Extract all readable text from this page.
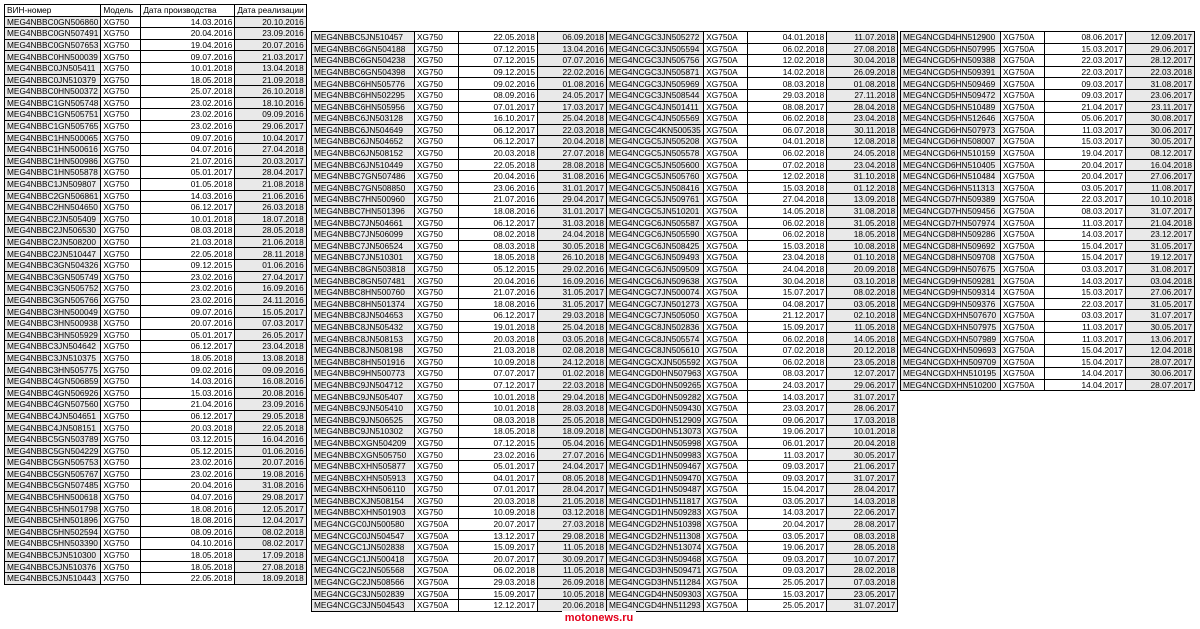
ВИН-номер	Модель	Дата производства	Дата реализации
MEG4NBBC0GN506860	XG750	14.03.2016	20.10.2016
MEG4NBBC0GN507491	XG750	20.04.2016	23.09.2016
MEG4NBBC0GN507653	XG750	19.04.2016	20.07.2016
MEG4NBBC0HN500039	XG750	09.07.2016	21.03.2017
MEG4NBBC0JN505411	XG750	10.01.2018	13.04.2018
MEG4NBBC0JN510379	XG750	18.05.2018	21.09.2018
MEG4NBBC0HN500372	XG750	25.07.2018	26.10.2018
MEG4NBBC1GN505748	XG750	23.02.2016	18.10.2016
MEG4NBBC1GN505751	XG750	23.02.2016	09.09.2016
MEG4NBBC1GN505765	XG750	23.02.2016	29.06.2017
MEG4NBBC1HN500065	XG750	09.07.2016	10.04.2017
MEG4NBBC1HN500616	XG750	04.07.2016	27.04.2018
MEG4NBBC1HN500986	XG750	21.07.2016	20.03.2017
MEG4NBBC1HN505878	XG750	05.01.2017	28.04.2017
MEG4NBBC1JN509807	XG750	01.05.2018	21.08.2018
MEG4NBBC2GN506861	XG750	14.03.2016	21.06.2016
MEG4NBBC2HN504650	XG750	06.12.2017	26.03.2018
MEG4NBBC2JN505409	XG750	10.01.2018	18.07.2018
MEG4NBBC2JN506530	XG750	08.03.2018	28.05.2018
MEG4NBBC2JN508200	XG750	21.03.2018	21.06.2018
MEG4NBBC2JN510447	XG750	22.05.2018	28.11.2018
MEG4NBBC3GN504326	XG750	09.12.2015	01.06.2016
MEG4NBBC3GN505749	XG750	23.02.2016	27.04.2017
MEG4NBBC3GN505752	XG750	23.02.2016	16.09.2016
MEG4NBBC3GN505766	XG750	23.02.2016	24.11.2016
MEG4NBBC3HN500049	XG750	09.07.2016	15.05.2017
MEG4NBBC3HN500938	XG750	20.07.2016	07.03.2017
MEG4NBBC3HN505929	XG750	05.01.2017	26.05.2017
MEG4NBBC3JN504642	XG750	06.12.2017	23.04.2018
MEG4NBBC3JN510375	XG750	18.05.2018	13.08.2018
MEG4NBBC3HN505775	XG750	09.02.2016	09.09.2016
MEG4NBBC4GN506859	XG750	14.03.2016	16.08.2016
MEG4NBBC4GN506926	XG750	15.03.2016	20.08.2016
MEG4NBBC4GN507560	XG750	21.04.2016	23.09.2016
MEG4NBBC4JN504651	XG750	06.12.2017	29.05.2018
MEG4NBBC4JN508151	XG750	20.03.2018	22.05.2018
MEG4NBBC5GN503789	XG750	03.12.2015	16.04.2016
MEG4NBBC5GN504229	XG750	05.12.2015	01.06.2016
MEG4NBBC5GN505753	XG750	23.02.2016	20.07.2016
MEG4NBBC5GN505767	XG750	23.02.2016	19.08.2016
MEG4NBBC5GN507485	XG750	20.04.2016	31.08.2016
MEG4NBBC5HN500618	XG750	04.07.2016	29.08.2017
MEG4NBBC5HN501798	XG750	18.08.2016	12.05.2017
MEG4NBBC5HN501896	XG750	18.08.2016	12.04.2017
MEG4NBBC5HN502594	XG750	08.09.2016	08.02.2018
MEG4NBBC5HN503390	XG750	04.10.2016	08.02.2017
MEG4NBBC5JN510300	XG750	18.05.2018	17.09.2018
MEG4NBBC5JN510376	XG750	18.05.2018	27.08.2018
MEG4NBBC5JN510443	XG750	22.05.2018	18.09.2018
MEG4NBBC5JN510457	XG750	22.05.2018	06.09.2018
MEG4NBBC6GN504188	XG750	07.12.2015	13.04.2016
MEG4NBBC6GN504238	XG750	07.12.2015	07.07.2016
MEG4NBBC6GN504398	XG750	09.12.2015	22.02.2016
MEG4NBBC6HN505776	XG750	09.02.2016	01.08.2016
MEG4NBBC6HN502295	XG750	08.09.2016	24.05.2017
MEG4NBBC6HN505956	XG750	07.01.2017	17.03.2017
MEG4NBBC6JN503128	XG750	16.10.2017	25.04.2018
MEG4NBBC6JN504649	XG750	06.12.2017	22.03.2018
MEG4NBBC6JN504652	XG750	06.12.2017	20.04.2018
MEG4NBBC6JN508152	XG750	20.03.2018	27.07.2018
MEG4NBBC6JN510449	XG750	22.05.2018	28.08.2018
MEG4NBBC7GN507486	XG750	20.04.2016	31.08.2016
MEG4NBBC7GN508850	XG750	23.06.2016	31.01.2017
MEG4NBBC7HN500960	XG750	21.07.2016	29.04.2017
MEG4NBBC7HN501396	XG750	18.08.2016	31.01.2017
MEG4NBBC7JN504661	XG750	06.12.2017	31.03.2018
MEG4NBBC7JN506099	XG750	08.02.2018	24.04.2018
MEG4NBBC7JN506524	XG750	08.03.2018	30.05.2018
MEG4NBBC7JN510301	XG750	18.05.2018	26.10.2018
MEG4NBBC8GN503818	XG750	05.12.2015	29.02.2016
MEG4NBBC8GN507481	XG750	20.04.2016	16.09.2016
MEG4NBBC8HN500760	XG750	21.07.2016	31.05.2017
MEG4NBBC8HN501374	XG750	18.08.2016	31.05.2017
MEG4NBBC8JN504653	XG750	06.12.2017	29.03.2018
MEG4NBBC8JN505432	XG750	19.01.2018	25.04.2018
MEG4NBBC8JN508153	XG750	20.03.2018	03.05.2018
MEG4NBBC8JN508198	XG750	21.03.2018	02.08.2018
MEG4NBBC8HN501916	XG750	10.09.2018	24.12.2018
MEG4NBBC9HN500773	XG750	07.07.2017	01.02.2018
MEG4NBBC9JN504712	XG750	07.12.2017	22.03.2018
MEG4NBBC9JN505407	XG750	10.01.2018	29.04.2018
MEG4NBBC9JN505410	XG750	10.01.2018	28.03.2018
MEG4NBBC9JN506525	XG750	08.03.2018	25.05.2018
MEG4NBBC9JN510302	XG750	18.05.2018	18.09.2018
MEG4NBBCXGN504209	XG750	07.12.2015	05.04.2016
MEG4NBBCXGN505750	XG750	23.02.2016	27.07.2016
MEG4NBBCXHN505877	XG750	05.01.2017	24.04.2017
MEG4NBBCXHN505913	XG750	04.01.2017	08.05.2018
MEG4NBBCXHN506110	XG750	07.01.2017	28.04.2017
MEG4NBBCXJN508154	XG750	20.03.2018	21.05.2018
MEG4NBBCXHN501903	XG750	10.09.2018	03.12.2018
MEG4NCGC0JN500580	XG750A	20.07.2017	27.03.2018
MEG4NCGC0JN504547	XG750A	13.12.2017	29.08.2018
MEG4NCGC1JN502838	XG750A	15.09.2017	11.05.2018
MEG4NCGC1JN500418	XG750A	20.07.2017	30.09.2017
MEG4NCGC2JN505568	XG750A	06.02.2018	11.05.2018
MEG4NCGC2JN508566	XG750A	29.03.2018	26.09.2018
MEG4NCGC3JN502839	XG750A	15.09.2017	10.05.2018
MEG4NCGC3JN504543	XG750A	12.12.2017	20.06.2018
MEG4NCGC3JN505272	XG750A	04.01.2018	11.07.2018
MEG4NCGC3JN505594	XG750A	06.02.2018	27.08.2018
MEG4NCGC3JN505756	XG750A	12.02.2018	30.04.2018
MEG4NCGC3JN505871	XG750A	14.02.2018	26.09.2018
MEG4NCGC3JN505969	XG750A	08.03.2018	01.08.2018
MEG4NCGC3JN508544	XG750A	29.03.2018	27.11.2018
MEG4NCGC4JN501411	XG750A	08.08.2017	28.04.2018
MEG4NCGC4JN505569	XG750A	06.02.2018	23.04.2018
MEG4NCGC4KN500535	XG750A	06.07.2018	30.11.2018
MEG4NCGC5JN505208	XG750A	04.01.2018	12.08.2018
MEG4NCGC5JN505578	XG750A	06.02.2018	24.05.2018
MEG4NCGC5JN505600	XG750A	07.02.2018	23.04.2018
MEG4NCGC5JN505760	XG750A	12.02.2018	31.10.2018
MEG4NCGC5JN508416	XG750A	15.03.2018	01.12.2018
MEG4NCGC5JN509761	XG750A	27.04.2018	13.09.2018
MEG4NCGC5JN510201	XG750A	14.05.2018	31.08.2018
MEG4NCGC6JN505587	XG750A	06.02.2018	31.05.2018
MEG4NCGC6JN505590	XG750A	06.02.2018	18.05.2018
MEG4NCGC6JN508425	XG750A	15.03.2018	10.08.2018
MEG4NCGC6JN509493	XG750A	23.04.2018	01.10.2018
MEG4NCGC6JN509509	XG750A	24.04.2018	20.09.2018
MEG4NCGC6JN509638	XG750A	30.04.2018	03.10.2018
MEG4NCGC7JN500074	XG750A	15.07.2017	08.02.2018
MEG4NCGC7JN501273	XG750A	04.08.2017	03.05.2018
MEG4NCGC7JN505050	XG750A	21.12.2017	02.10.2018
MEG4NCGC8JN502836	XG750A	15.09.2017	11.05.2018
MEG4NCGC8JN505574	XG750A	06.02.2018	14.05.2018
MEG4NCGC8JN505610	XG750A	07.02.2018	20.12.2018
MEG4NCGCXJN505592	XG750A	06.02.2018	23.05.2018
MEG4NCGD0HN507963	XG750A	08.03.2017	12.07.2017
MEG4NCGD0HN509265	XG750A	24.03.2017	29.06.2017
MEG4NCGD0HN509282	XG750A	14.03.2017	31.07.2017
MEG4NCGD0HN509430	XG750A	23.03.2017	28.06.2017
MEG4NCGD0HN512909	XG750A	09.06.2017	17.03.2018
MEG4NCGD0HN513073	XG750A	19.06.2017	10.01.2018
MEG4NCGD1HN505998	XG750A	06.01.2017	20.04.2018
MEG4NCGD1HN509983	XG750A	11.03.2017	30.05.2017
MEG4NCGD1HN509467	XG750A	09.03.2017	21.06.2017
MEG4NCGD1HN509470	XG750A	09.03.2017	31.07.2017
MEG4NCGD1HN509487	XG750A	15.04.2017	28.04.2017
MEG4NCGD1HN511817	XG750A	03.05.2017	14.03.2018
MEG4NCGD1HN509283	XG750A	14.03.2017	22.06.2017
MEG4NCGD2HN510398	XG750A	20.04.2017	28.08.2017
MEG4NCGD2HN511308	XG750A	03.05.2017	08.03.2018
MEG4NCGD2HN513074	XG750A	19.06.2017	28.05.2018
MEG4NCGD3HN509468	XG750A	09.03.2017	10.07.2017
MEG4NCGD3HN509471	XG750A	09.03.2017	28.02.2018
MEG4NCGD3HN511284	XG750A	25.05.2017	07.03.2018
MEG4NCGD4HN509303	XG750A	15.03.2017	23.05.2017
MEG4NCGD4HN511293	XG750A	25.05.2017	31.07.2017
MEG4NCGD4HN512900	XG750A	08.06.2017	12.09.2017
MEG4NCGD5HN507995	XG750A	15.03.2017	29.06.2017
MEG4NCGD5HN509388	XG750A	22.03.2017	28.12.2017
MEG4NCGD5HN509391	XG750A	22.03.2017	22.03.2018
MEG4NCGD5HN509469	XG750A	09.03.2017	31.08.2017
MEG4NCGD5HN509472	XG750A	09.03.2017	23.06.2017
MEG4NCGD5HN510489	XG750A	21.04.2017	23.11.2017
MEG4NCGD5HN512646	XG750A	05.06.2017	30.08.2017
MEG4NCGD6HN507973	XG750A	11.03.2017	30.06.2017
MEG4NCGD6HN508007	XG750A	15.03.2017	30.05.2017
MEG4NCGD6HN510159	XG750A	19.04.2017	08.12.2017
MEG4NCGD6HN510405	XG750A	20.04.2017	16.04.2018
MEG4NCGD6HN510484	XG750A	20.04.2017	27.06.2017
MEG4NCGD6HN511313	XG750A	03.05.2017	11.08.2017
MEG4NCGD7HN509389	XG750A	22.03.2017	10.10.2018
MEG4NCGD7HN509456	XG750A	08.03.2017	31.07.2017
MEG4NCGD7HN507974	XG750A	11.03.2017	21.04.2018
MEG4NCGD8HN509286	XG750A	14.03.2017	23.12.2017
MEG4NCGD8HN509692	XG750A	15.04.2017	31.05.2017
MEG4NCGD8HN509708	XG750A	15.04.2017	19.12.2017
MEG4NCGD9HN507675	XG750A	03.03.2017	31.08.2017
MEG4NCGD9HN509281	XG750A	14.03.2017	03.04.2018
MEG4NCGD9HN509314	XG750A	15.03.2017	27.06.2017
MEG4NCGD9HN509376	XG750A	22.03.2017	31.05.2017
MEG4NCGDXHN507670	XG750A	03.03.2017	31.07.2017
MEG4NCGDXHN507975	XG750A	11.03.2017	30.05.2017
MEG4NCGDXHN507989	XG750A	11.03.2017	13.06.2017
MEG4NCGDXHN509693	XG750A	15.04.2017	12.04.2018
MEG4NCGDXHN509709	XG750A	15.04.2017	28.07.2017
MEG4NCGDXHN510195	XG750A	14.04.2017	30.06.2017
MEG4NCGDXHN510200	XG750A	14.04.2017	28.07.2017
motonews.ru
